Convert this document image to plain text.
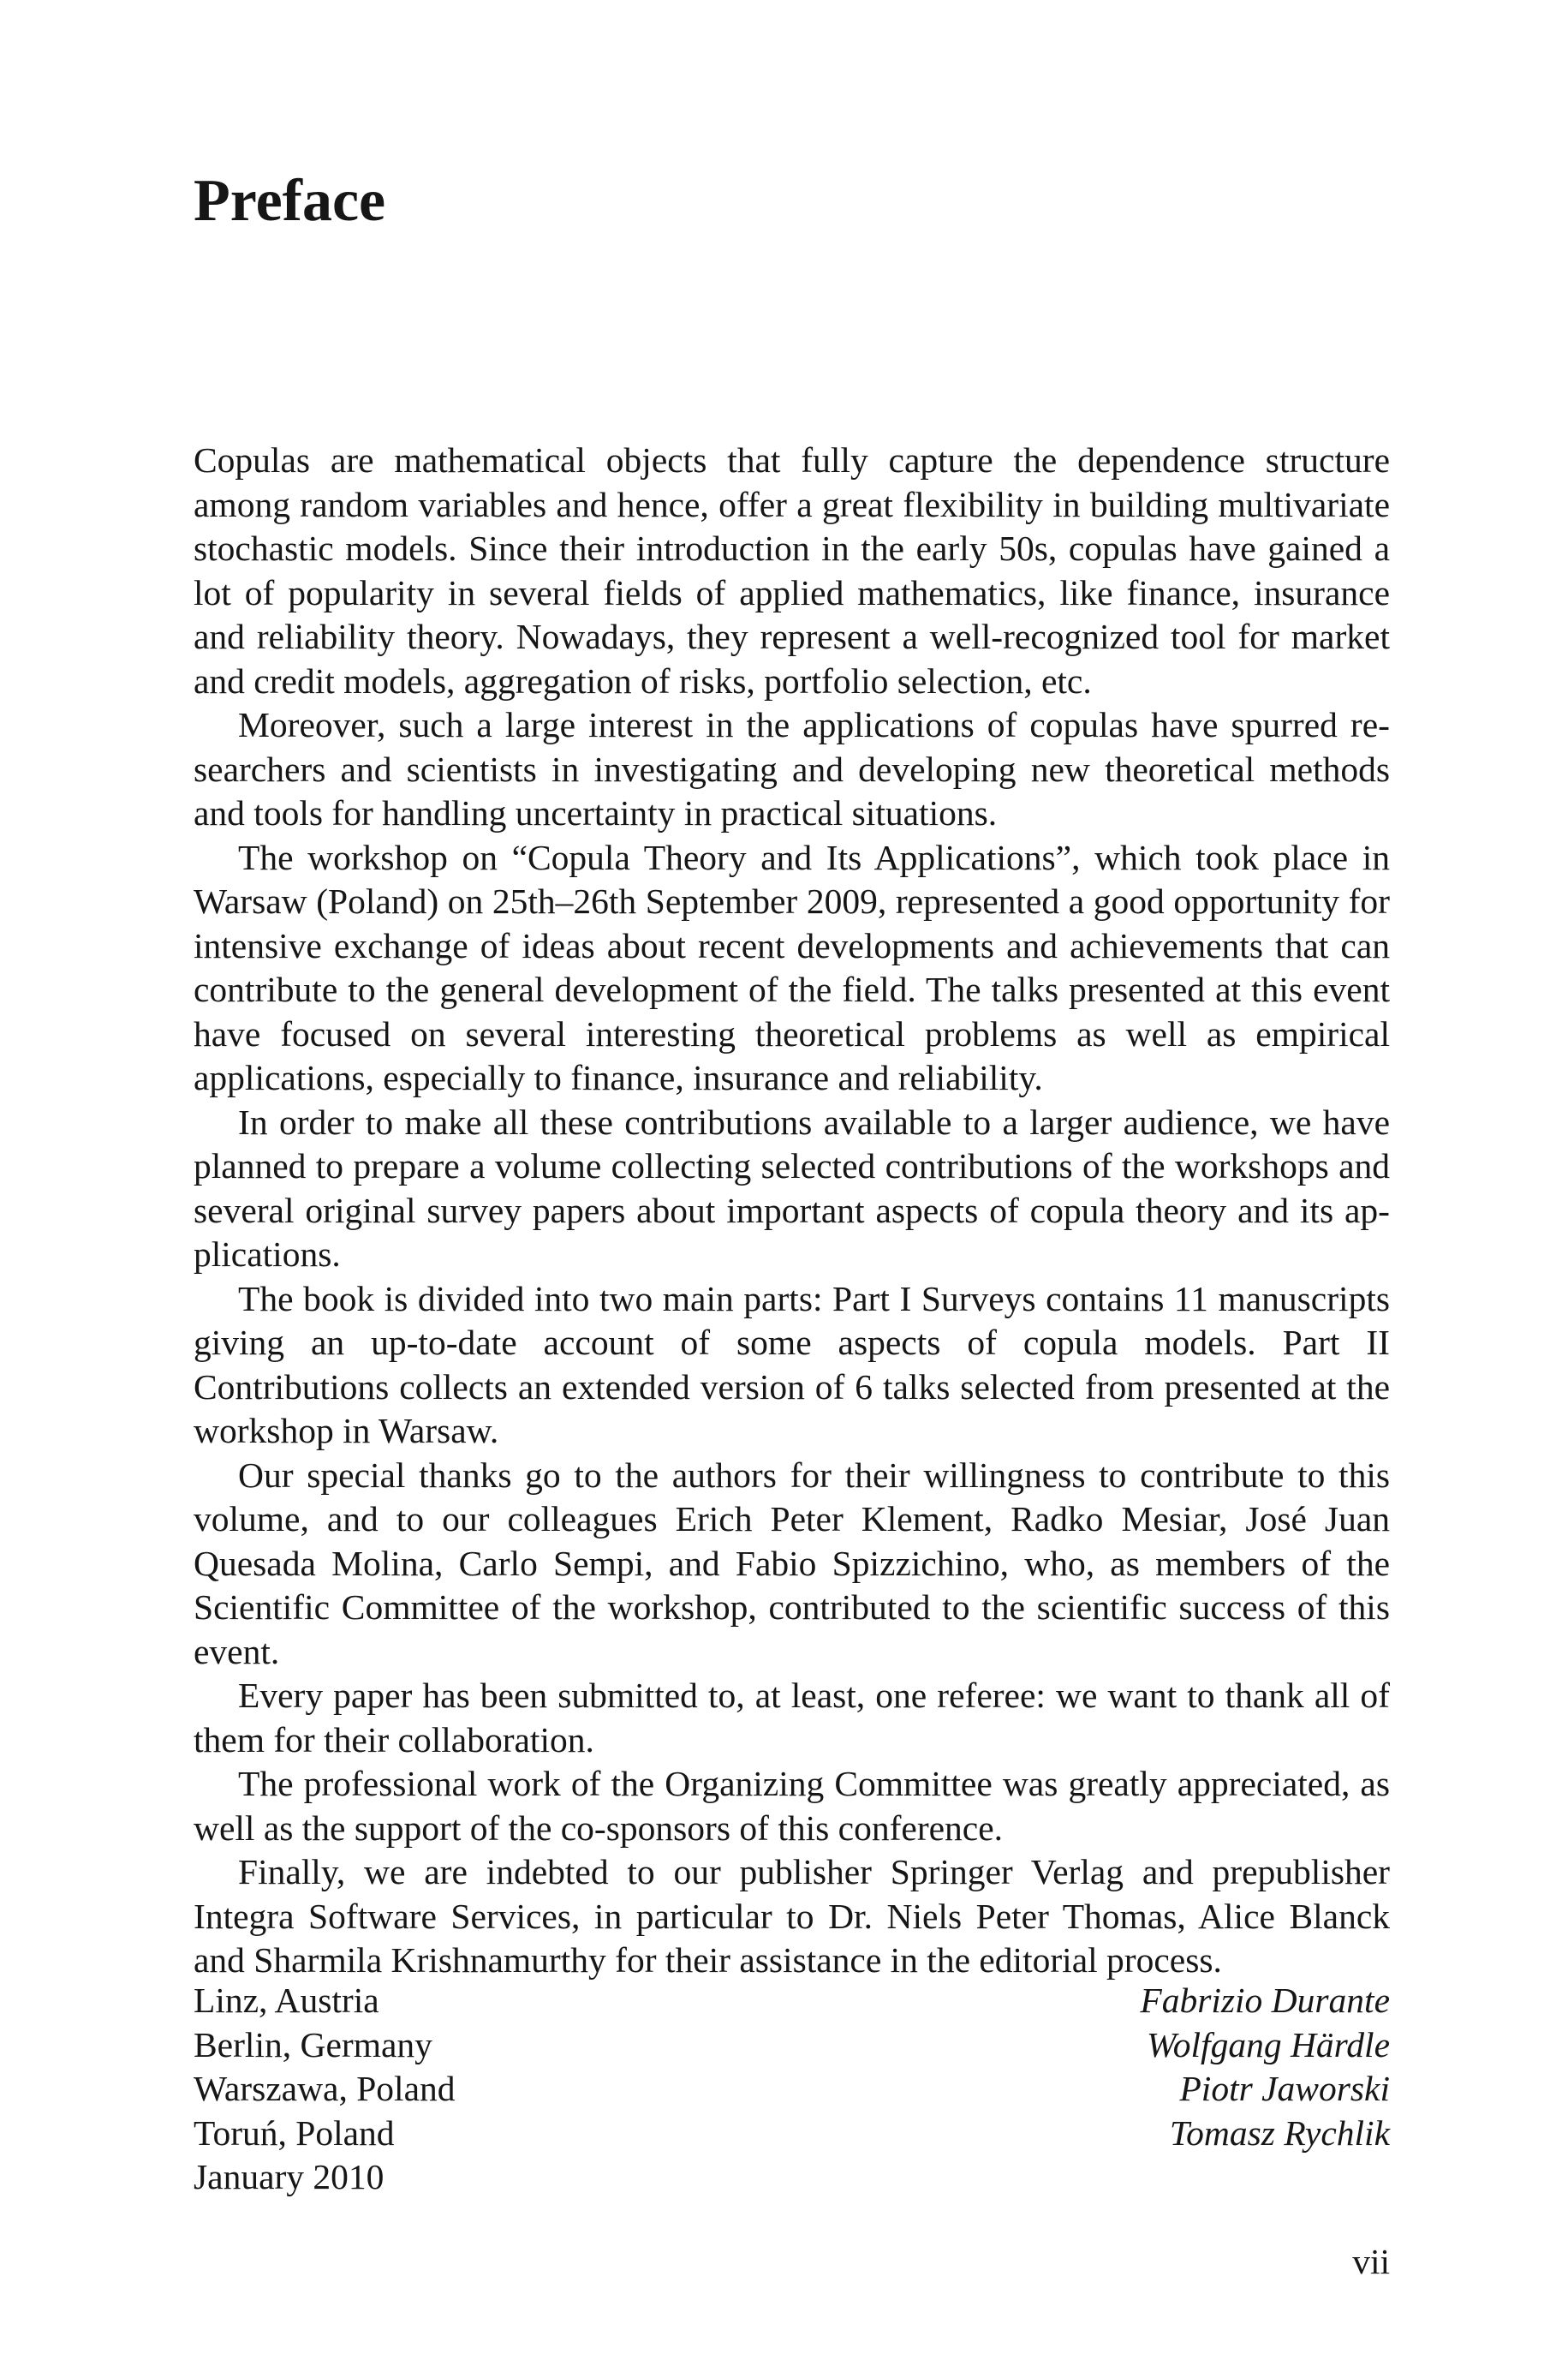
Preface

Copulas are mathematical objects that fully capture the dependence structure among random variables and hence, offer a great flexibility in building multivariate stochastic models. Since their introduction in the early 50s, copulas have gained a lot of popularity in several fields of applied mathematics, like finance, insurance and reliability theory. Nowadays, they represent a well-recognized tool for market and credit models, aggregation of risks, portfolio selection, etc.

Moreover, such a large interest in the applications of copulas have spurred researchers and scientists in investigating and developing new theoretical methods and tools for handling uncertainty in practical situations.

The workshop on “Copula Theory and Its Applications”, which took place in Warsaw (Poland) on 25th–26th September 2009, represented a good opportunity for intensive exchange of ideas about recent developments and achievements that can contribute to the general development of the field. The talks presented at this event have focused on several interesting theoretical problems as well as empirical applications, especially to finance, insurance and reliability.

In order to make all these contributions available to a larger audience, we have planned to prepare a volume collecting selected contributions of the workshops and several original survey papers about important aspects of copula theory and its applications.

The book is divided into two main parts: Part I Surveys contains 11 manuscripts giving an up-to-date account of some aspects of copula models. Part II Contributions collects an extended version of 6 talks selected from presented at the workshop in Warsaw.

Our special thanks go to the authors for their willingness to contribute to this volume, and to our colleagues Erich Peter Klement, Radko Mesiar, José Juan Quesada Molina, Carlo Sempi, and Fabio Spizzichino, who, as members of the Scientific Committee of the workshop, contributed to the scientific success of this event.

Every paper has been submitted to, at least, one referee: we want to thank all of them for their collaboration.

The professional work of the Organizing Committee was greatly appreciated, as well as the support of the co-sponsors of this conference.

Finally, we are indebted to our publisher Springer Verlag and prepublisher Integra Software Services, in particular to Dr. Niels Peter Thomas, Alice Blanck and Sharmila Krishnamurthy for their assistance in the editorial process.

Linz, Austria
Berlin, Germany
Warszawa, Poland
Toruń, Poland
January 2010
Fabrizio Durante
Wolfgang Härdle
Piotr Jaworski
Tomasz Rychlik
vii
